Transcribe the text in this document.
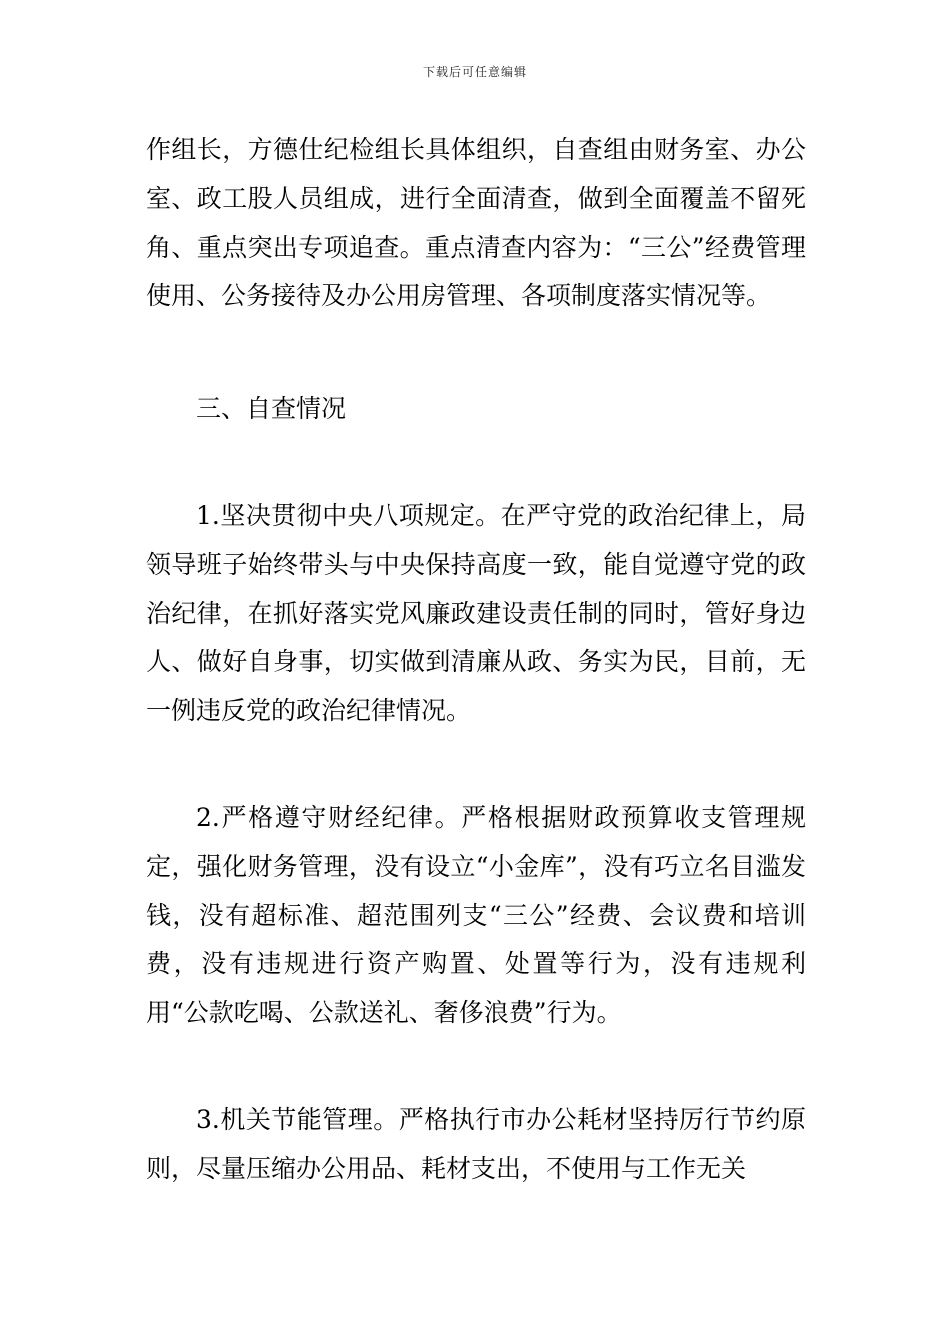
下载后可任意编辑

作组长，方德仕纪检组长具体组织，自查组由财务室、办公室、政工股人员组成，进行全面清查，做到全面覆盖不留死角、重点突出专项追查。重点清查内容为：“三公”经费管理使用、公务接待及办公用房管理、各项制度落实情况等。

三、自查情况

1.坚决贯彻中央八项规定。在严守党的政治纪律上，局领导班子始终带头与中央保持高度一致，能自觉遵守党的政治纪律，在抓好落实党风廉政建设责任制的同时，管好身边人、做好自身事，切实做到清廉从政、务实为民，目前，无一例违反党的政治纪律情况。

2.严格遵守财经纪律。严格根据财政预算收支管理规定，强化财务管理，没有设立“小金库”，没有巧立名目滥发钱，没有超标准、超范围列支“三公”经费、会议费和培训费，没有违规进行资产购置、处置等行为，没有违规利用“公款吃喝、公款送礼、奢侈浪费”行为。

3.机关节能管理。严格执行市办公耗材坚持厉行节约原则，尽量压缩办公用品、耗材支出，不使用与工作无关
